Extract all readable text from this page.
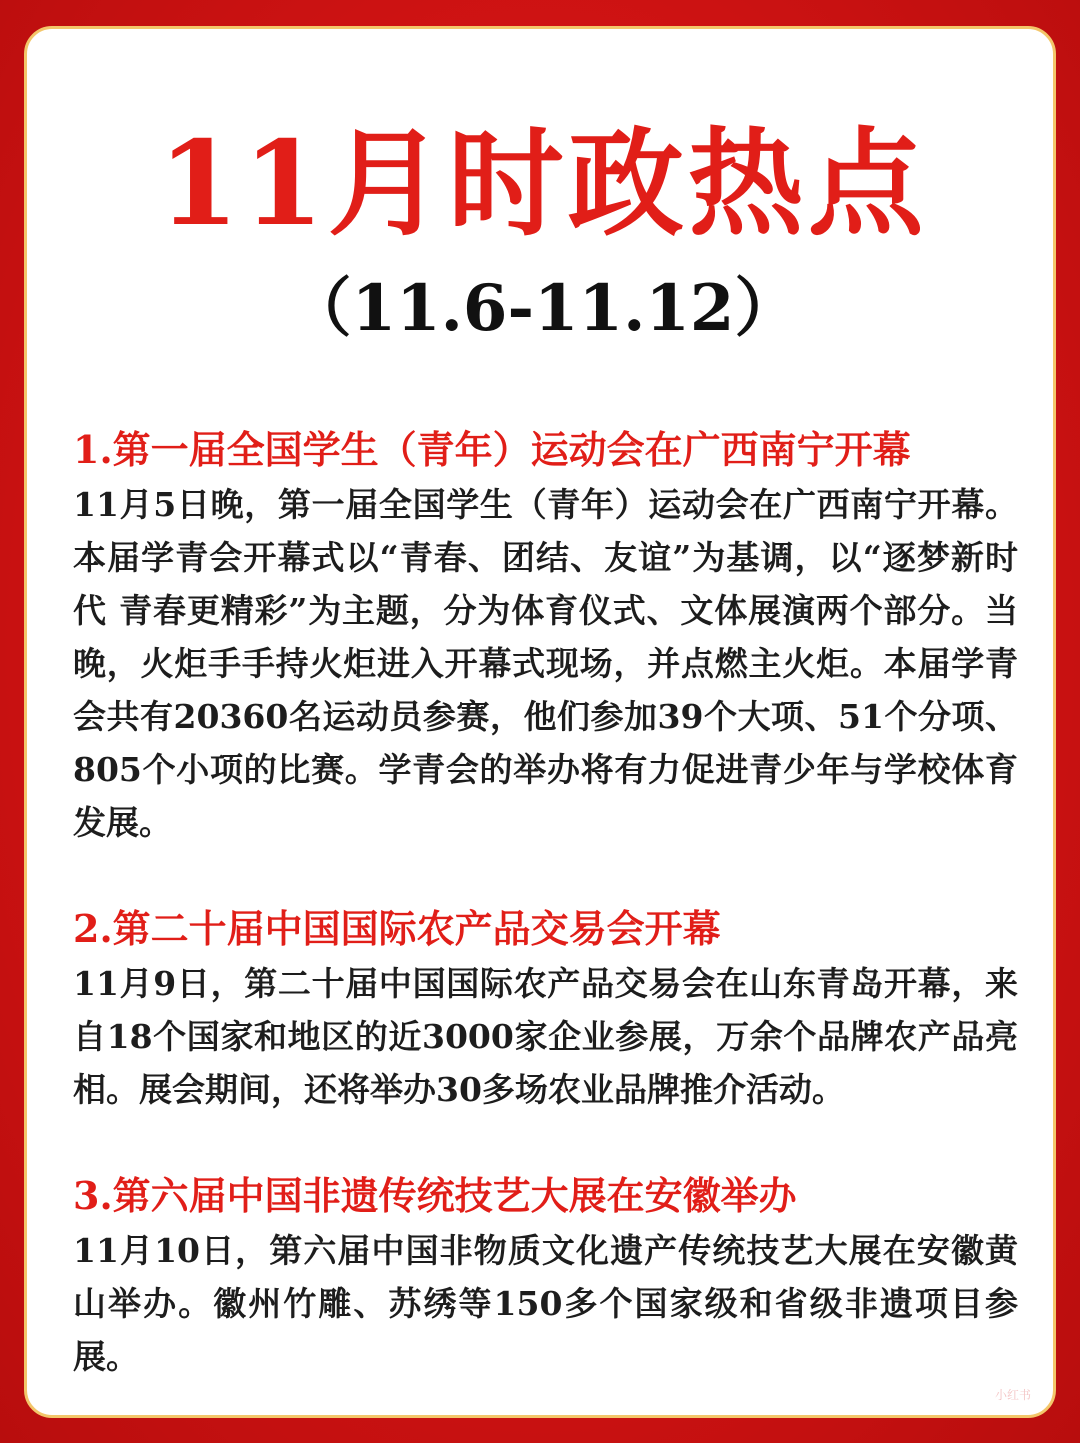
11月时政热点
（11.6-11.12）
1.第一届全国学生（青年）运动会在广西南宁开幕

11月5日晚，第一届全国学生（青年）运动会在广西南宁开幕。本届学青会开幕式以“青春、团结、友谊”为基调，以“逐梦新时代 青春更精彩”为主题，分为体育仪式、文体展演两个部分。当晚，火炬手手持火炬进入开幕式现场，并点燃主火炬。本届学青会共有20360名运动员参赛，他们参加39个大项、51个分项、805个小项的比赛。学青会的举办将有力促进青少年与学校体育发展。

2.第二十届中国国际农产品交易会开幕

11月9日，第二十届中国国际农产品交易会在山东青岛开幕，来自18个国家和地区的近3000家企业参展，万余个品牌农产品亮相。展会期间，还将举办30多场农业品牌推介活动。

3.第六届中国非遗传统技艺大展在安徽举办

11月10日，第六届中国非物质文化遗产传统技艺大展在安徽黄山举办。徽州竹雕、苏绣等150多个国家级和省级非遗项目参展。

小红书
